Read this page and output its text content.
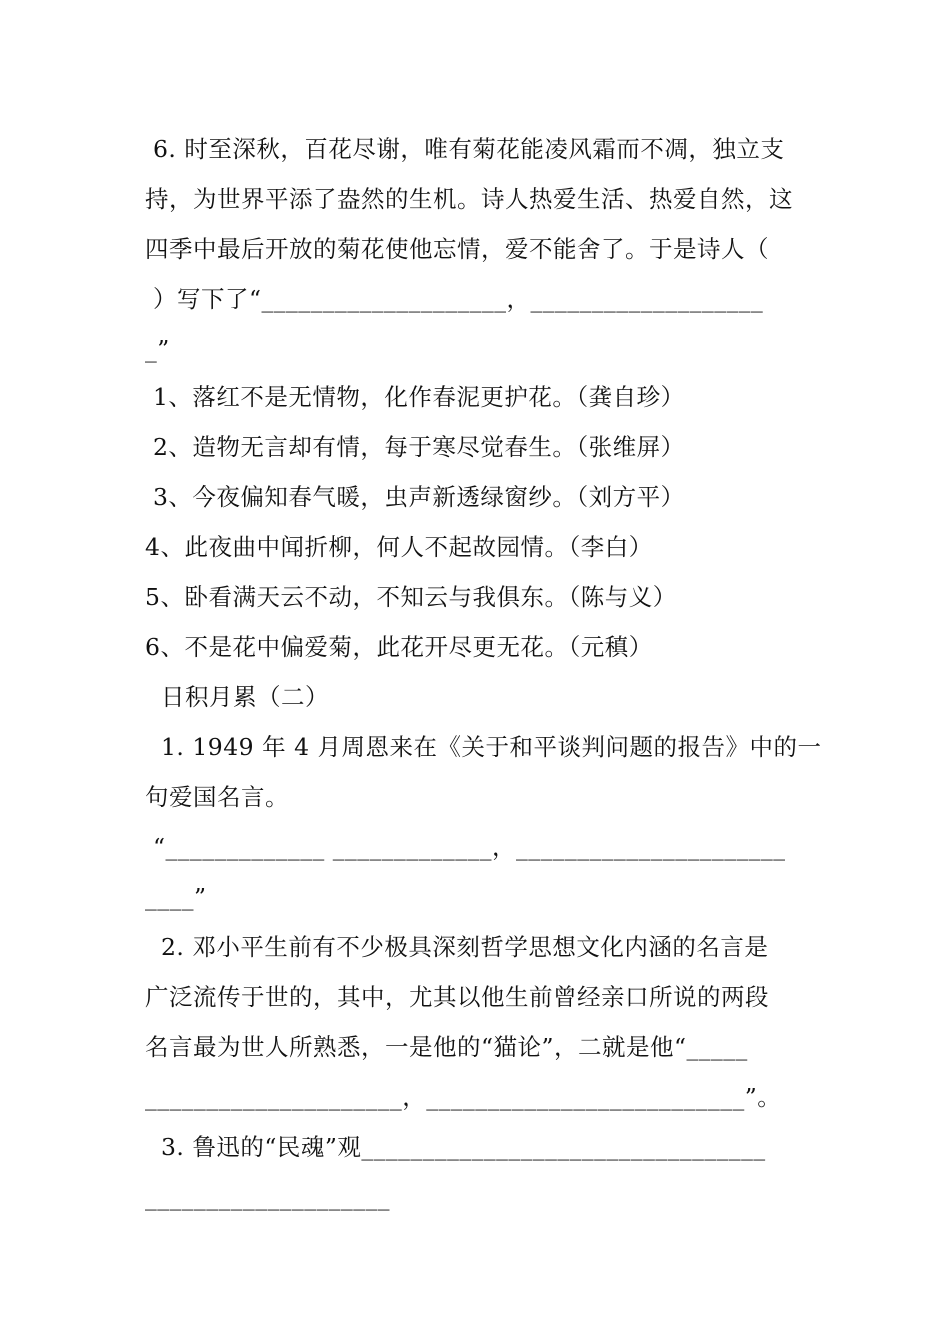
6. 时至深秋，百花尽谢，唯有菊花能凌风霜而不凋，独立支
持，为世界平添了盎然的生机。诗人热爱生活、热爱自然，这
四季中最后开放的菊花使他忘情，爱不能舍了。于是诗人（
）写下了“____________________，___________________
_”
1、落红不是无情物，化作春泥更护花。（龚自珍）
2、造物无言却有情，每于寒尽觉春生。（张维屏）
3、今夜偏知春气暖，虫声新透绿窗纱。（刘方平）
4、此夜曲中闻折柳，何人不起故园情。（李白）
5、卧看满天云不动，不知云与我俱东。（陈与义）
6、不是花中偏爱菊，此花开尽更无花。（元稹）
日积月累（二）
1. 1949 年 4 月周恩来在《关于和平谈判问题的报告》中的一
句爱国名言。
“_____________ _____________，______________________
____”
2. 邓小平生前有不少极具深刻哲学思想文化内涵的名言是
广泛流传于世的，其中，尤其以他生前曾经亲口所说的两段
名言最为世人所熟悉，一是他的“猫论”，二就是他“_____
_____________________，__________________________”。
3. 鲁迅的“民魂”观_________________________________
____________________
